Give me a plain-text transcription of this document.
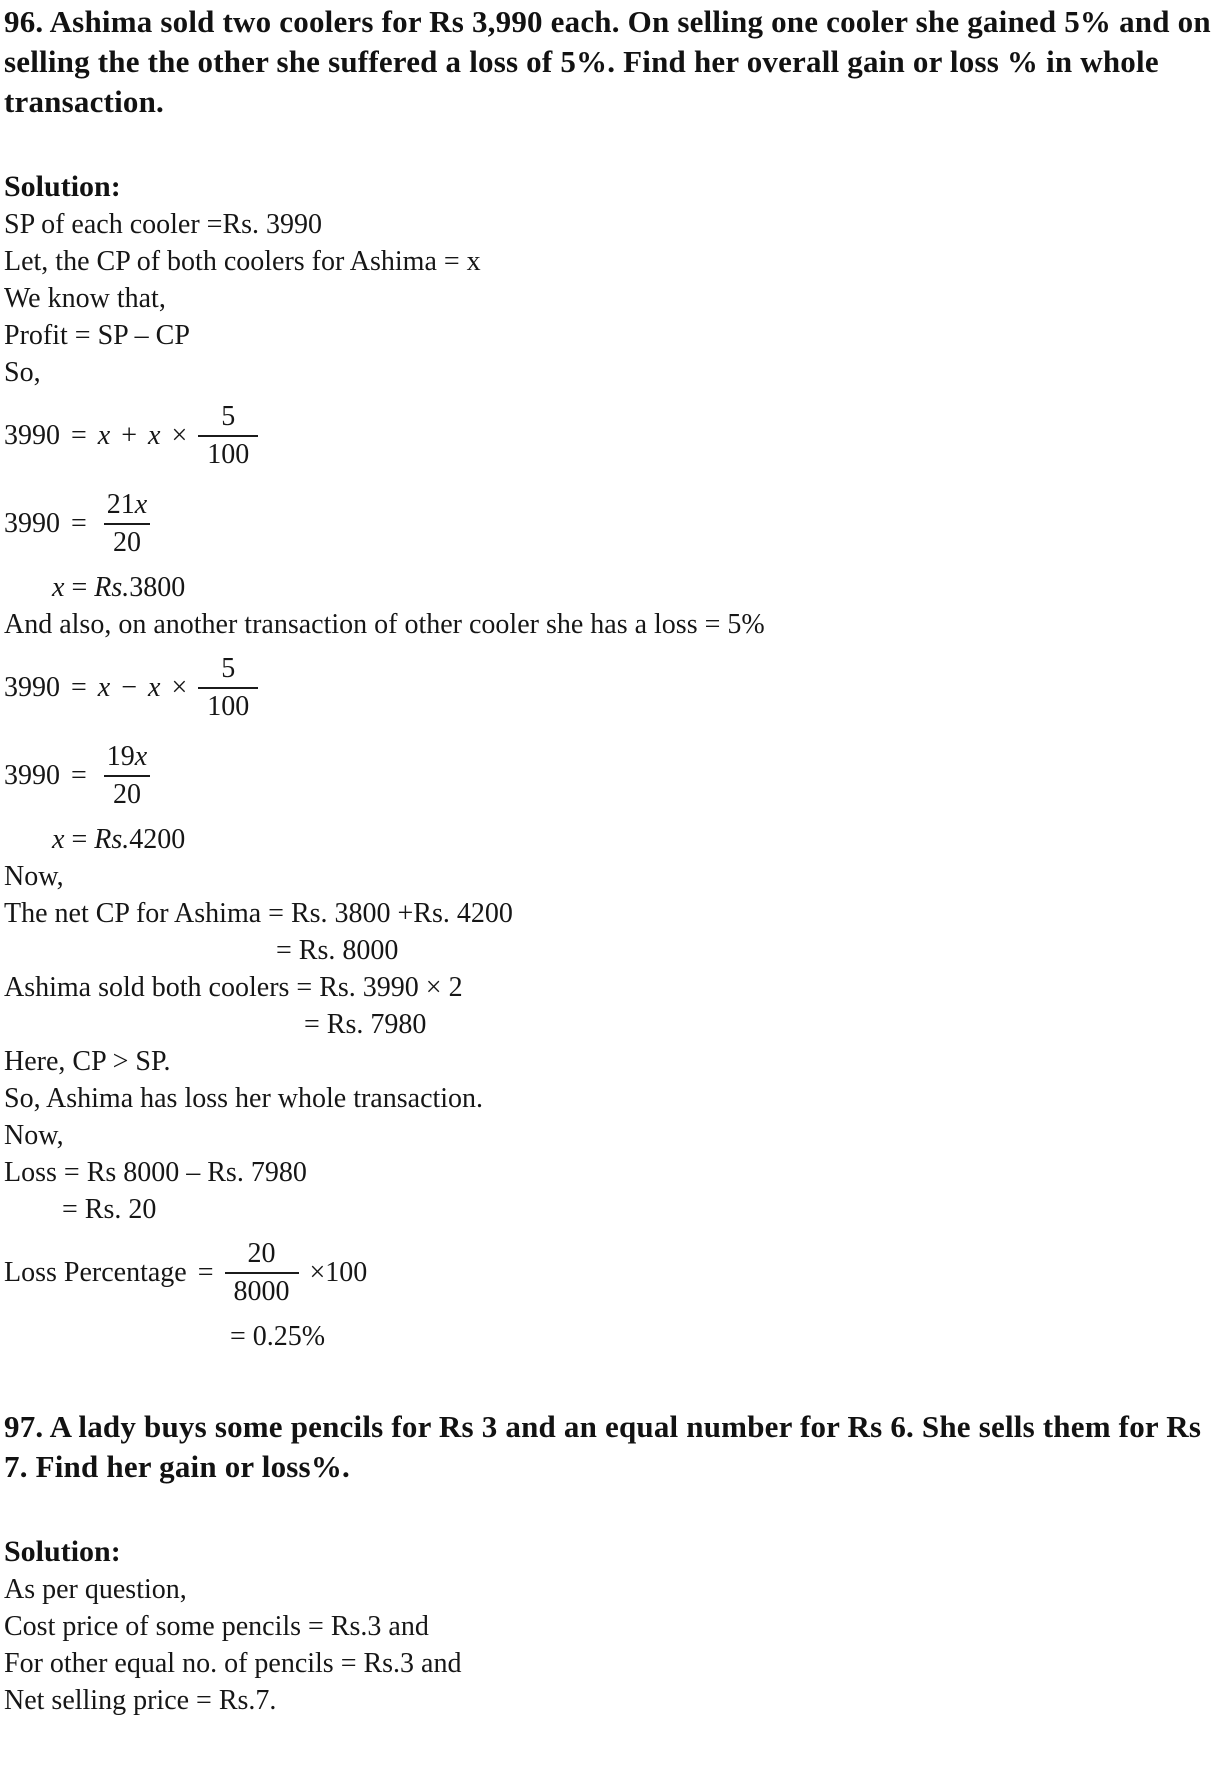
96. Ashima sold two coolers for Rs 3,990 each. On selling one cooler she gained 5% and on selling the the other she suffered a loss of 5%. Find her overall gain or loss % in whole transaction.
Solution:

SP of each cooler =Rs. 3990

Let, the CP of both coolers for Ashima = x

We know that,

Profit = SP – CP

So,

$3990 = x + x \times \frac{5}{100}$
$3990 = \frac{21x}{20}$

x = Rs.3800

And also, on another transaction of other cooler she has a loss = 5%

$3990 = x - x \times \frac{5}{100}$
$3990 = \frac{19x}{20}$

x = Rs.4200

Now,

The net CP for Ashima = Rs. 3800 +Rs. 4200

= Rs. 8000

Ashima sold both coolers = Rs. 3990 × 2

= Rs. 7980

Here, CP > SP.

So, Ashima has loss her whole transaction.

Now,

Loss = Rs 8000 – Rs. 7980

= Rs. 20

Loss Percentage = $\frac{20}{8000} \times 100$

= 0.25%

97. A lady buys some pencils for Rs 3 and an equal number for Rs 6. She sells them for Rs 7. Find her gain or loss%.
Solution:

As per question,

Cost price of some pencils = Rs.3 and

For other equal no. of pencils = Rs.3 and

Net selling price = Rs.7.
